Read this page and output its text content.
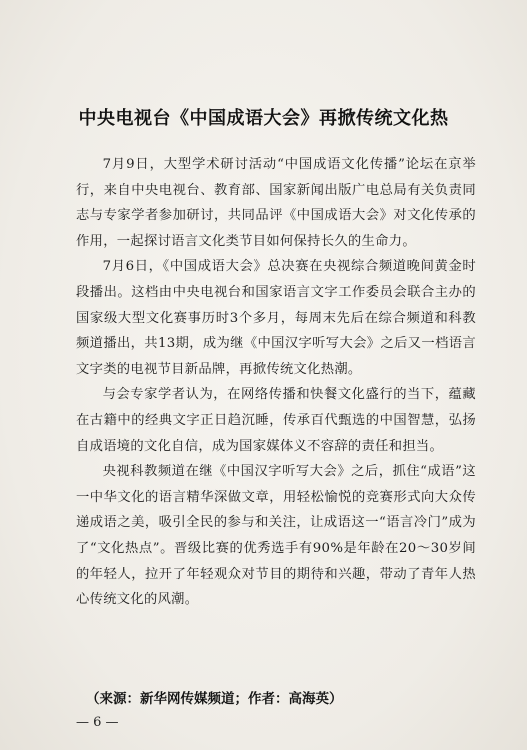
中央电视台《中国成语大会》再掀传统文化热

7月9日，大型学术研讨活动“中国成语文化传播”论坛在京举行，来自中央电视台、教育部、国家新闻出版广电总局有关负责同志与专家学者参加研讨，共同品评《中国成语大会》对文化传承的作用，一起探讨语言文化类节目如何保持长久的生命力。

7月6日，《中国成语大会》总决赛在央视综合频道晚间黄金时段播出。这档由中央电视台和国家语言文字工作委员会联合主办的国家级大型文化赛事历时3个多月，每周末先后在综合频道和科教频道播出，共13期，成为继《中国汉字听写大会》之后又一档语言文字类的电视节目新品牌，再掀传统文化热潮。

与会专家学者认为，在网络传播和快餐文化盛行的当下，蕴藏在古籍中的经典文字正日趋沉睡，传承百代甄选的中国智慧，弘扬自成语境的文化自信，成为国家媒体义不容辞的责任和担当。

央视科教频道在继《中国汉字听写大会》之后，抓住“成语”这一中华文化的语言精华深做文章，用轻松愉悦的竞赛形式向大众传递成语之美，吸引全民的参与和关注，让成语这一“语言冷门”成为了“文化热点”。晋级比赛的优秀选手有90%是年龄在20～30岁间的年轻人，拉开了年轻观众对节目的期待和兴趣，带动了青年人热心传统文化的风潮。

（来源：新华网传媒频道；作者：高海英）
— 6 —
